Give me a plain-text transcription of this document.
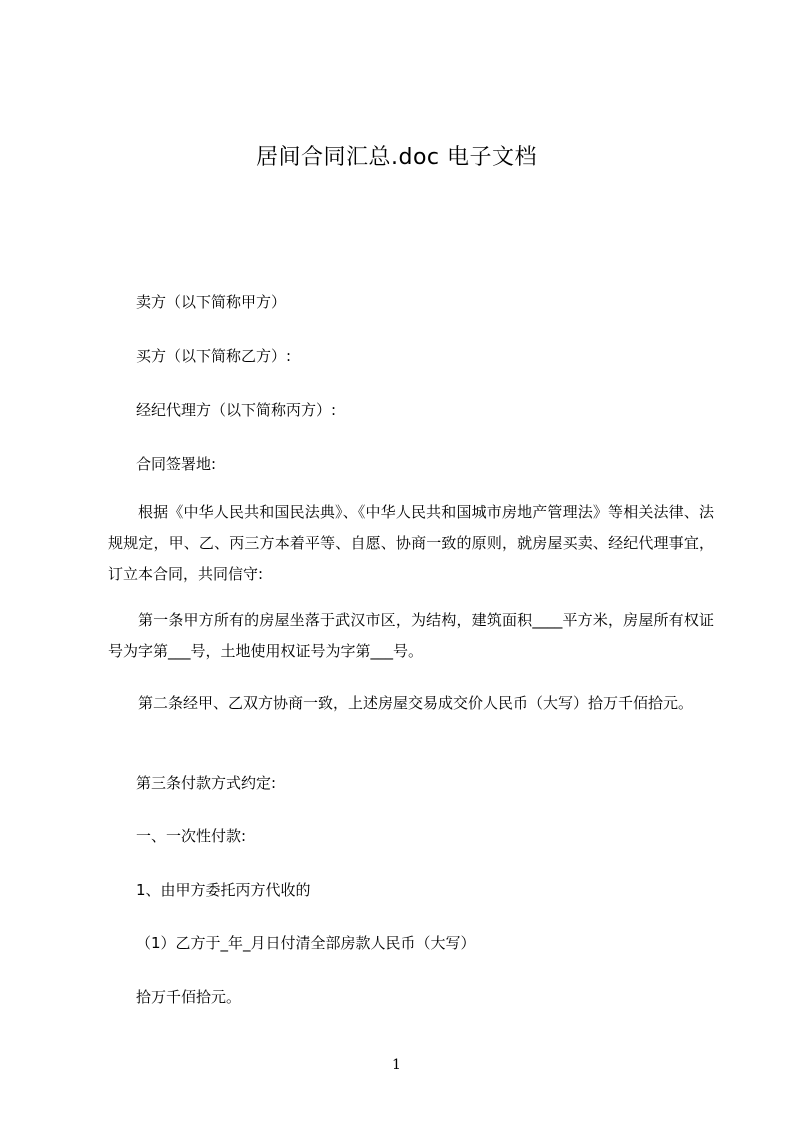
居间合同汇总.doc 电子文档
卖方（以下简称甲方）
买方（以下简称乙方）:
经纪代理方（以下简称丙方）:
合同签署地:
根据《中华人民共和国民法典》、《中华人民共和国城市房地产管理法》等相关法律、法规规定，甲、乙、丙三方本着平等、自愿、协商一致的原则，就房屋买卖、经纪代理事宜，订立本合同，共同信守:
第一条甲方所有的房屋坐落于武汉市区，为结构，建筑面积____平方米，房屋所有权证号为字第___号，土地使用权证号为字第___号。
第二条经甲、乙双方协商一致，上述房屋交易成交价人民币（大写）拾万千佰拾元。
第三条付款方式约定:
一、一次性付款:
1、由甲方委托丙方代收的
（1）乙方于_年_月日付清全部房款人民币（大写）
拾万千佰拾元。
1
